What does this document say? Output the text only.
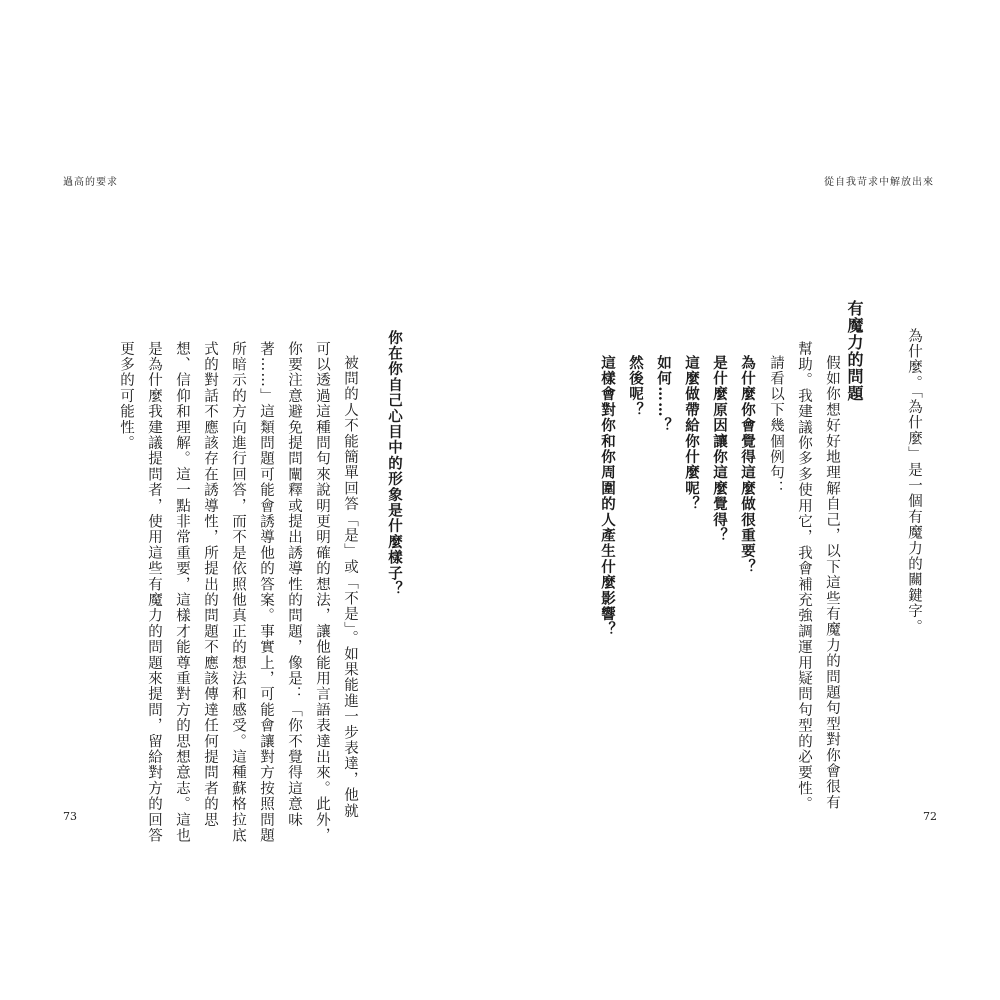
過高的要求
你在你自己心目中的形象是什麼樣子？
被問的人不能簡單回答「是」或「不是」。如果能進一步表達，他就
可以透過這種問句來說明更明確的想法，讓他能用言語表達出來。此外，
你要注意避免提問闡釋或提出誘導性的問題，像是：「你不覺得這意味
著……」這類問題可能會誘導他的答案。事實上，可能會讓對方按照問題
所暗示的方向進行回答，而不是依照他真正的想法和感受。這種蘇格拉底
式的對話不應該存在誘導性，所提出的問題不應該傳達任何提問者的思
想、信仰和理解。這一點非常重要，這樣才能尊重對方的思想意志。這也
是為什麼我建議提問者，使用這些有魔力的問題來提問，留給對方的回答
更多的可能性。
73
從自我苛求中解放出來
為什麼。「為什麼」是一個有魔力的關鍵字。
有魔力的問題
假如你想好好地理解自己，以下這些有魔力的問題句型對你會很有
幫助。我建議你多多使用它，我會補充強調運用疑問句型的必要性。
請看以下幾個例句：
為什麼你會覺得這麼做很重要？
是什麼原因讓你這麼覺得？
這麼做帶給你什麼呢？
如何……？
然後呢？
這樣會對你和你周圍的人產生什麼影響？
72
